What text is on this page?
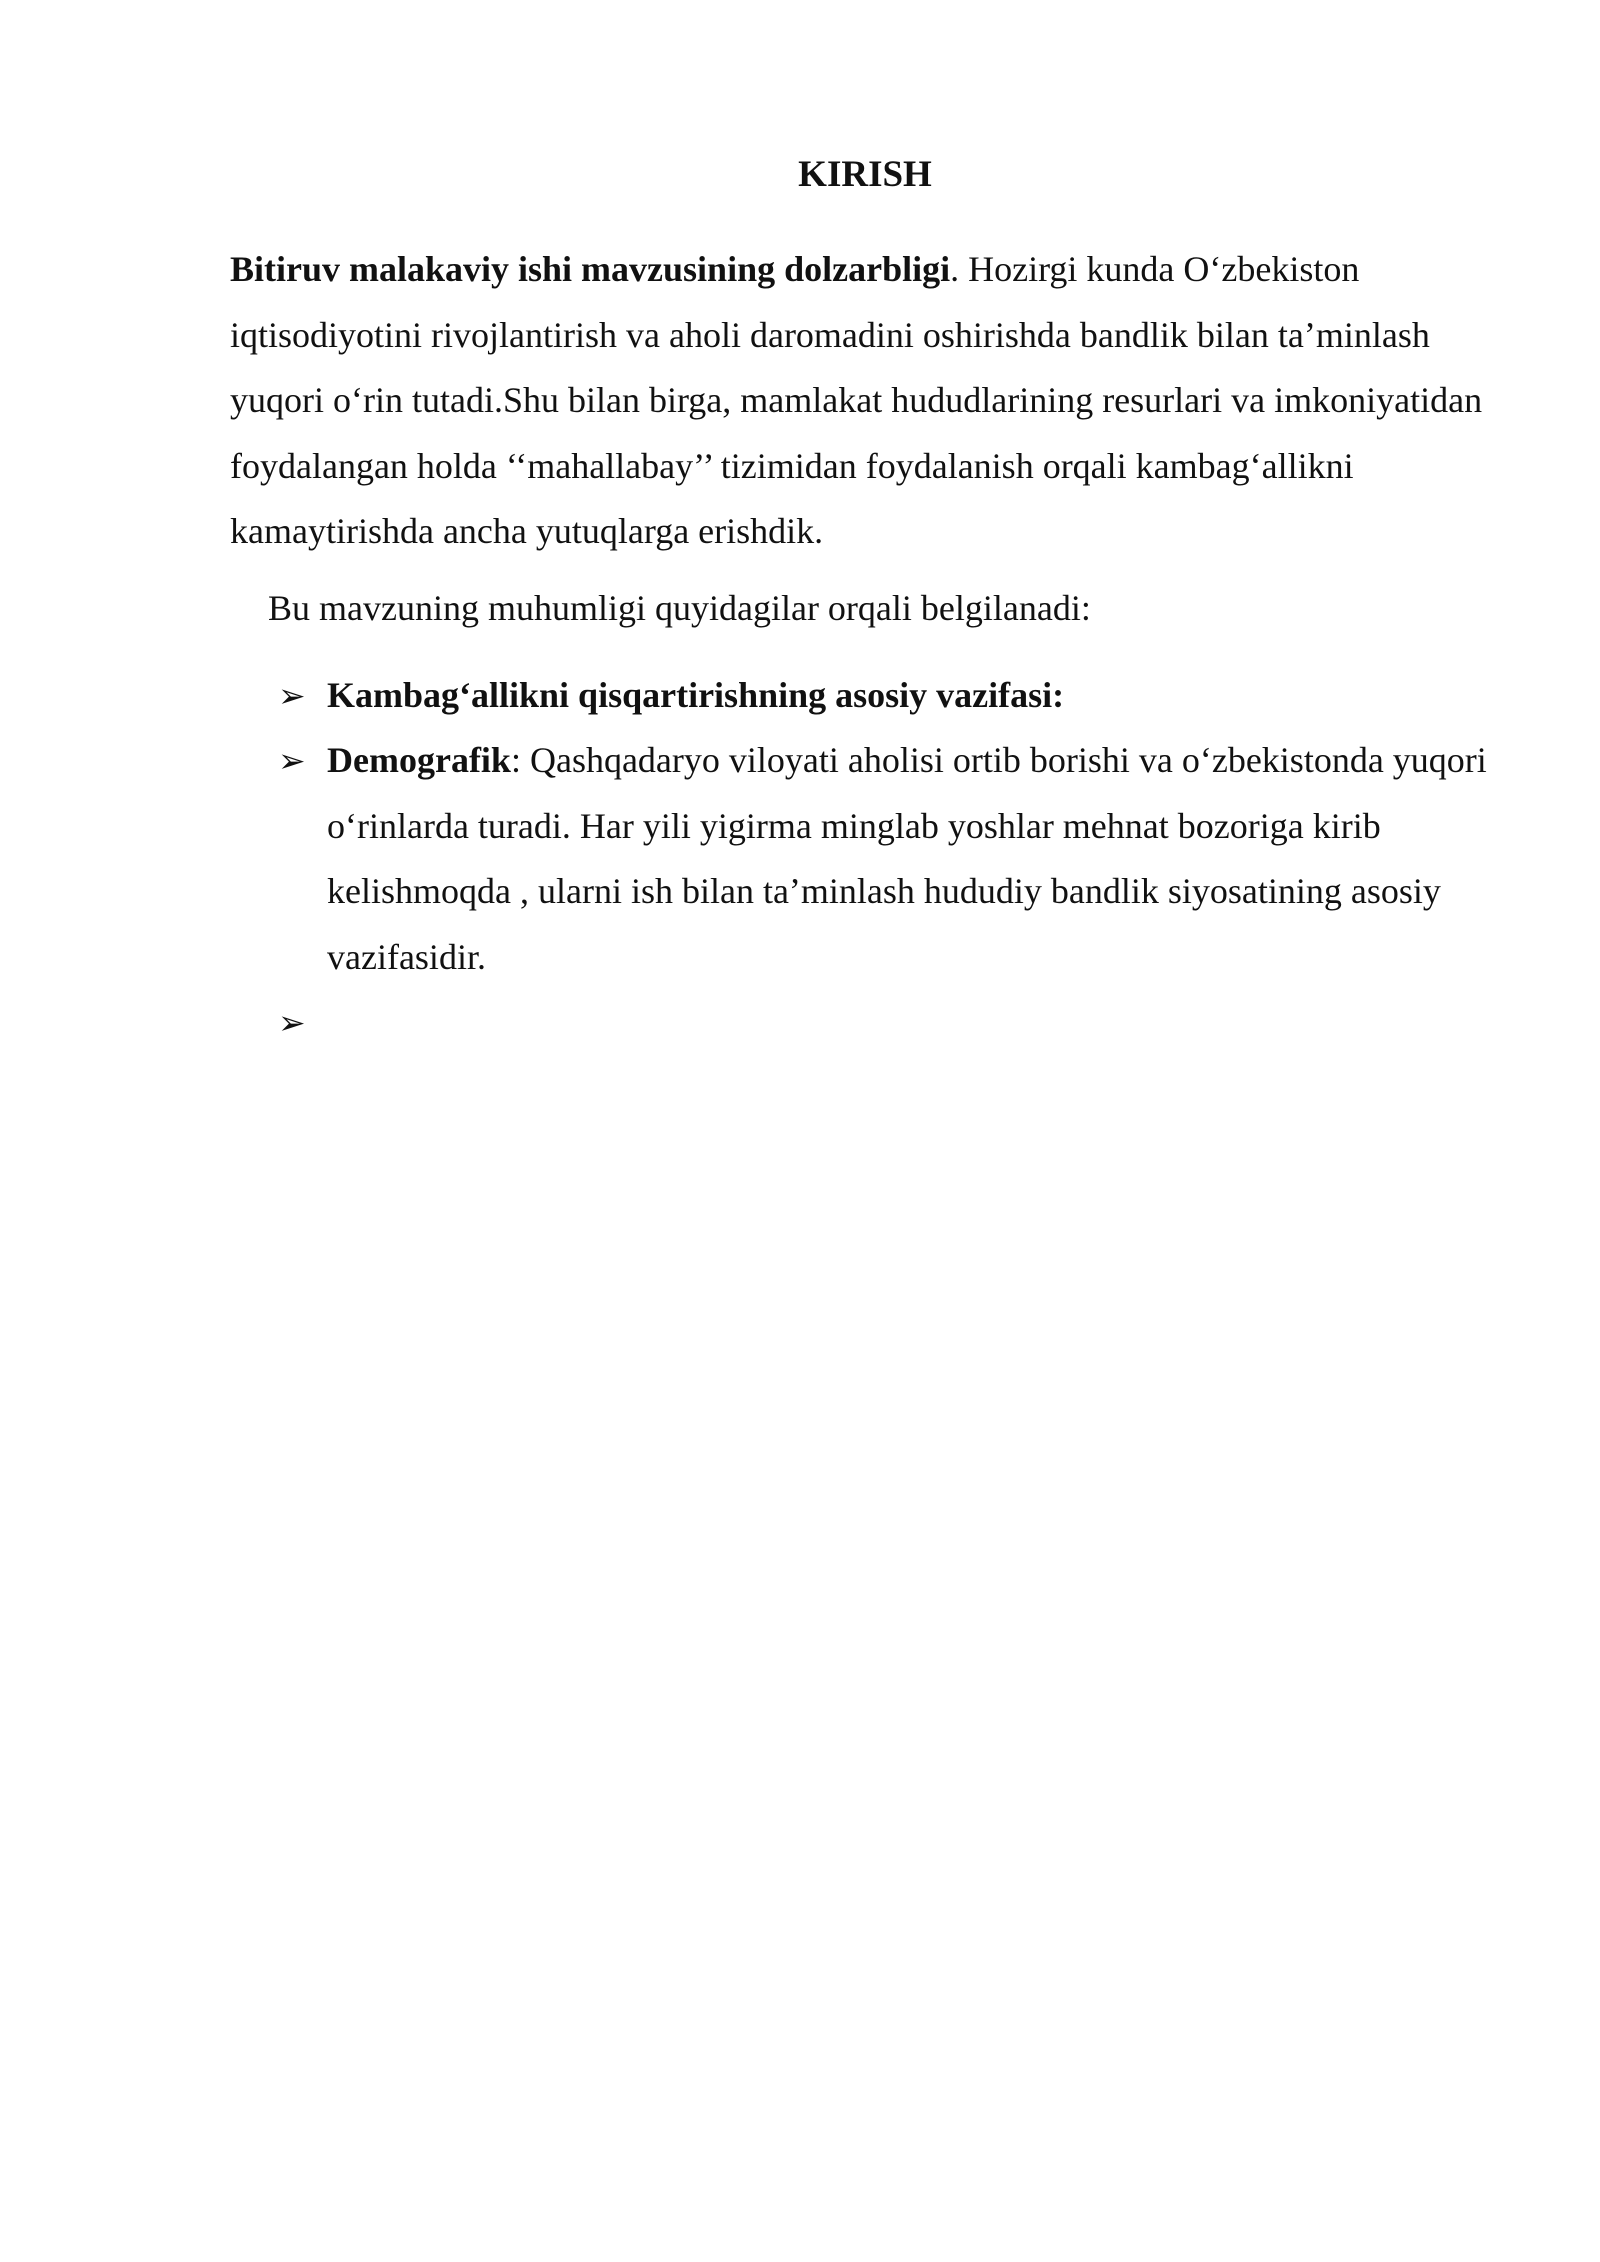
KIRISH

Bitiruv malakaviy ishi mavzusining dolzarbligi. Hozirgi kunda Oʻzbekiston iqtisodiyotini rivojlantirish va aholi daromadini oshirishda bandlik bilan taʼminlash yuqori oʻrin tutadi.Shu bilan birga, mamlakat hududlarining resurlari va imkoniyatidan foydalangan holda ‘‘mahallabay’’ tizimidan foydalanish orqali kambagʻallikni kamaytirishda ancha yutuqlarga erishdik.

Bu mavzuning muhumligi quyidagilar orqali belgilanadi:

➢ Kambagʻallikni qisqartirishning asosiy vazifasi:

➢ Demografik: Qashqadaryo viloyati aholisi ortib borishi va oʻzbekistonda yuqori oʻrinlarda turadi. Har yili yigirma minglab yoshlar mehnat bozoriga kirib kelishmoqda , ularni ish bilan taʼminlash hududiy bandlik siyosatining asosiy vazifasidir.

➢
